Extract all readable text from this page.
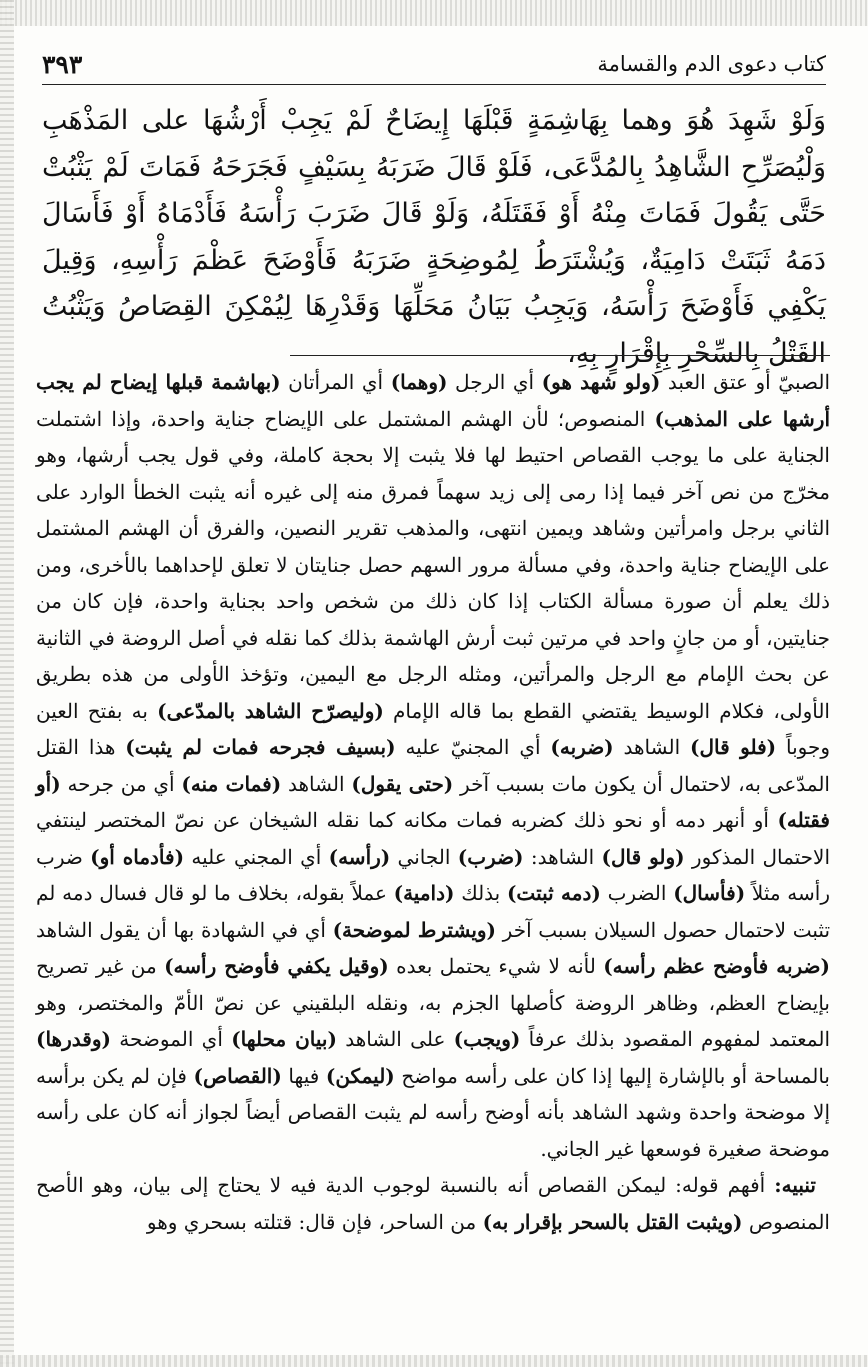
كتاب دعوى الدم والقسامة
٣٩٣

وَلَوْ شَهِدَ هُوَ وهما بِهَاشِمَةٍ قَبْلَهَا إِيضَاحٌ لَمْ يَجِبْ أَرْشُهَا على المَذْهَبِ وَلْيُصَرِّحِ الشَّاهِدُ بِالمُدَّعَى، فَلَوْ قَالَ ضَرَبَهُ بِسَيْفٍ فَجَرَحَهُ فَمَاتَ لَمْ يَثْبُتْ حَتَّى يَقُولَ فَمَاتَ مِنْهُ أَوْ فَقَتَلَهُ، وَلَوْ قَالَ ضَرَبَ رَأْسَهُ فَأَدْمَاهُ أَوْ فَأَسَالَ دَمَهُ ثَبَتَتْ دَامِيَةٌ، وَيُشْتَرَطُ لِمُوضِحَةٍ ضَرَبَهُ فَأَوْضَحَ عَظْمَ رَأْسِهِ، وَقِيلَ يَكْفِي فَأَوْضَحَ رَأْسَهُ، وَيَجِبُ بَيَانُ مَحَلِّهَا وَقَدْرِهَا لِيُمْكِنَ القِصَاصُ وَيَثْبُتُ القَتْلُ بِالسِّحْرِ بِإِقْرَارٍ بِهِ،

الصبيّ أو عتق العبد (ولو شهد هو) أي الرجل (وهما) أي المرأتان (بهاشمة قبلها إيضاح لم يجب أرشها على المذهب) المنصوص؛ لأن الهشم المشتمل على الإيضاح جناية واحدة، وإذا اشتملت الجناية على ما يوجب القصاص احتيط لها فلا يثبت إلا بحجة كاملة، وفي قول يجب أرشها، وهو مخرّج من نص آخر فيما إذا رمى إلى زيد سهماً فمرق منه إلى غيره أنه يثبت الخطأ الوارد على الثاني برجل وامرأتين وشاهد ويمين انتهى، والمذهب تقرير النصين، والفرق أن الهشم المشتمل على الإيضاح جناية واحدة، وفي مسألة مرور السهم حصل جنايتان لا تعلق لإحداهما بالأخرى، ومن ذلك يعلم أن صورة مسألة الكتاب إذا كان ذلك من شخص واحد بجناية واحدة، فإن كان من جنايتين، أو من جانٍ واحد في مرتين ثبت أرش الهاشمة بذلك كما نقله في أصل الروضة في الثانية عن بحث الإمام مع الرجل والمرأتين، ومثله الرجل مع اليمين، وتؤخذ الأولى من هذه بطريق الأولى، فكلام الوسيط يقتضي القطع بما قاله الإمام (وليصرّح الشاهد بالمدّعى) به بفتح العين وجوباً (فلو قال) الشاهد (ضربه) أي المجنيّ عليه (بسيف فجرحه فمات لم يثبت) هذا القتل المدّعى به، لاحتمال أن يكون مات بسبب آخر (حتى يقول) الشاهد (فمات منه) أي من جرحه (أو فقتله) أو أنهر دمه أو نحو ذلك كضربه فمات مكانه كما نقله الشيخان عن نصّ المختصر لينتفي الاحتمال المذكور (ولو قال) الشاهد: (ضرب) الجاني (رأسه) أي المجني عليه (فأدماه أو) ضرب رأسه مثلاً (فأسال) الضرب (دمه ثبتت) بذلك (دامية) عملاً بقوله، بخلاف ما لو قال فسال دمه لم تثبت لاحتمال حصول السيلان بسبب آخر (ويشترط لموضحة) أي في الشهادة بها أن يقول الشاهد (ضربه فأوضح عظم رأسه) لأنه لا شيء يحتمل بعده (وقيل يكفي فأوضح رأسه) من غير تصريح بإيضاح العظم، وظاهر الروضة كأصلها الجزم به، ونقله البلقيني عن نصّ الأمّ والمختصر، وهو المعتمد لمفهوم المقصود بذلك عرفاً (ويجب) على الشاهد (بيان محلها) أي الموضحة (وقدرها) بالمساحة أو بالإشارة إليها إذا كان على رأسه مواضح (ليمكن) فيها (القصاص) فإن لم يكن برأسه إلا موضحة واحدة وشهد الشاهد بأنه أوضح رأسه لم يثبت القصاص أيضاً لجواز أنه كان على رأسه موضحة صغيرة فوسعها غير الجاني.

تنبيه: أفهم قوله: ليمكن القصاص أنه بالنسبة لوجوب الدية فيه لا يحتاج إلى بيان، وهو الأصح المنصوص (ويثبت القتل بالسحر بإقرار به) من الساحر، فإن قال: قتلته بسحري وهو
